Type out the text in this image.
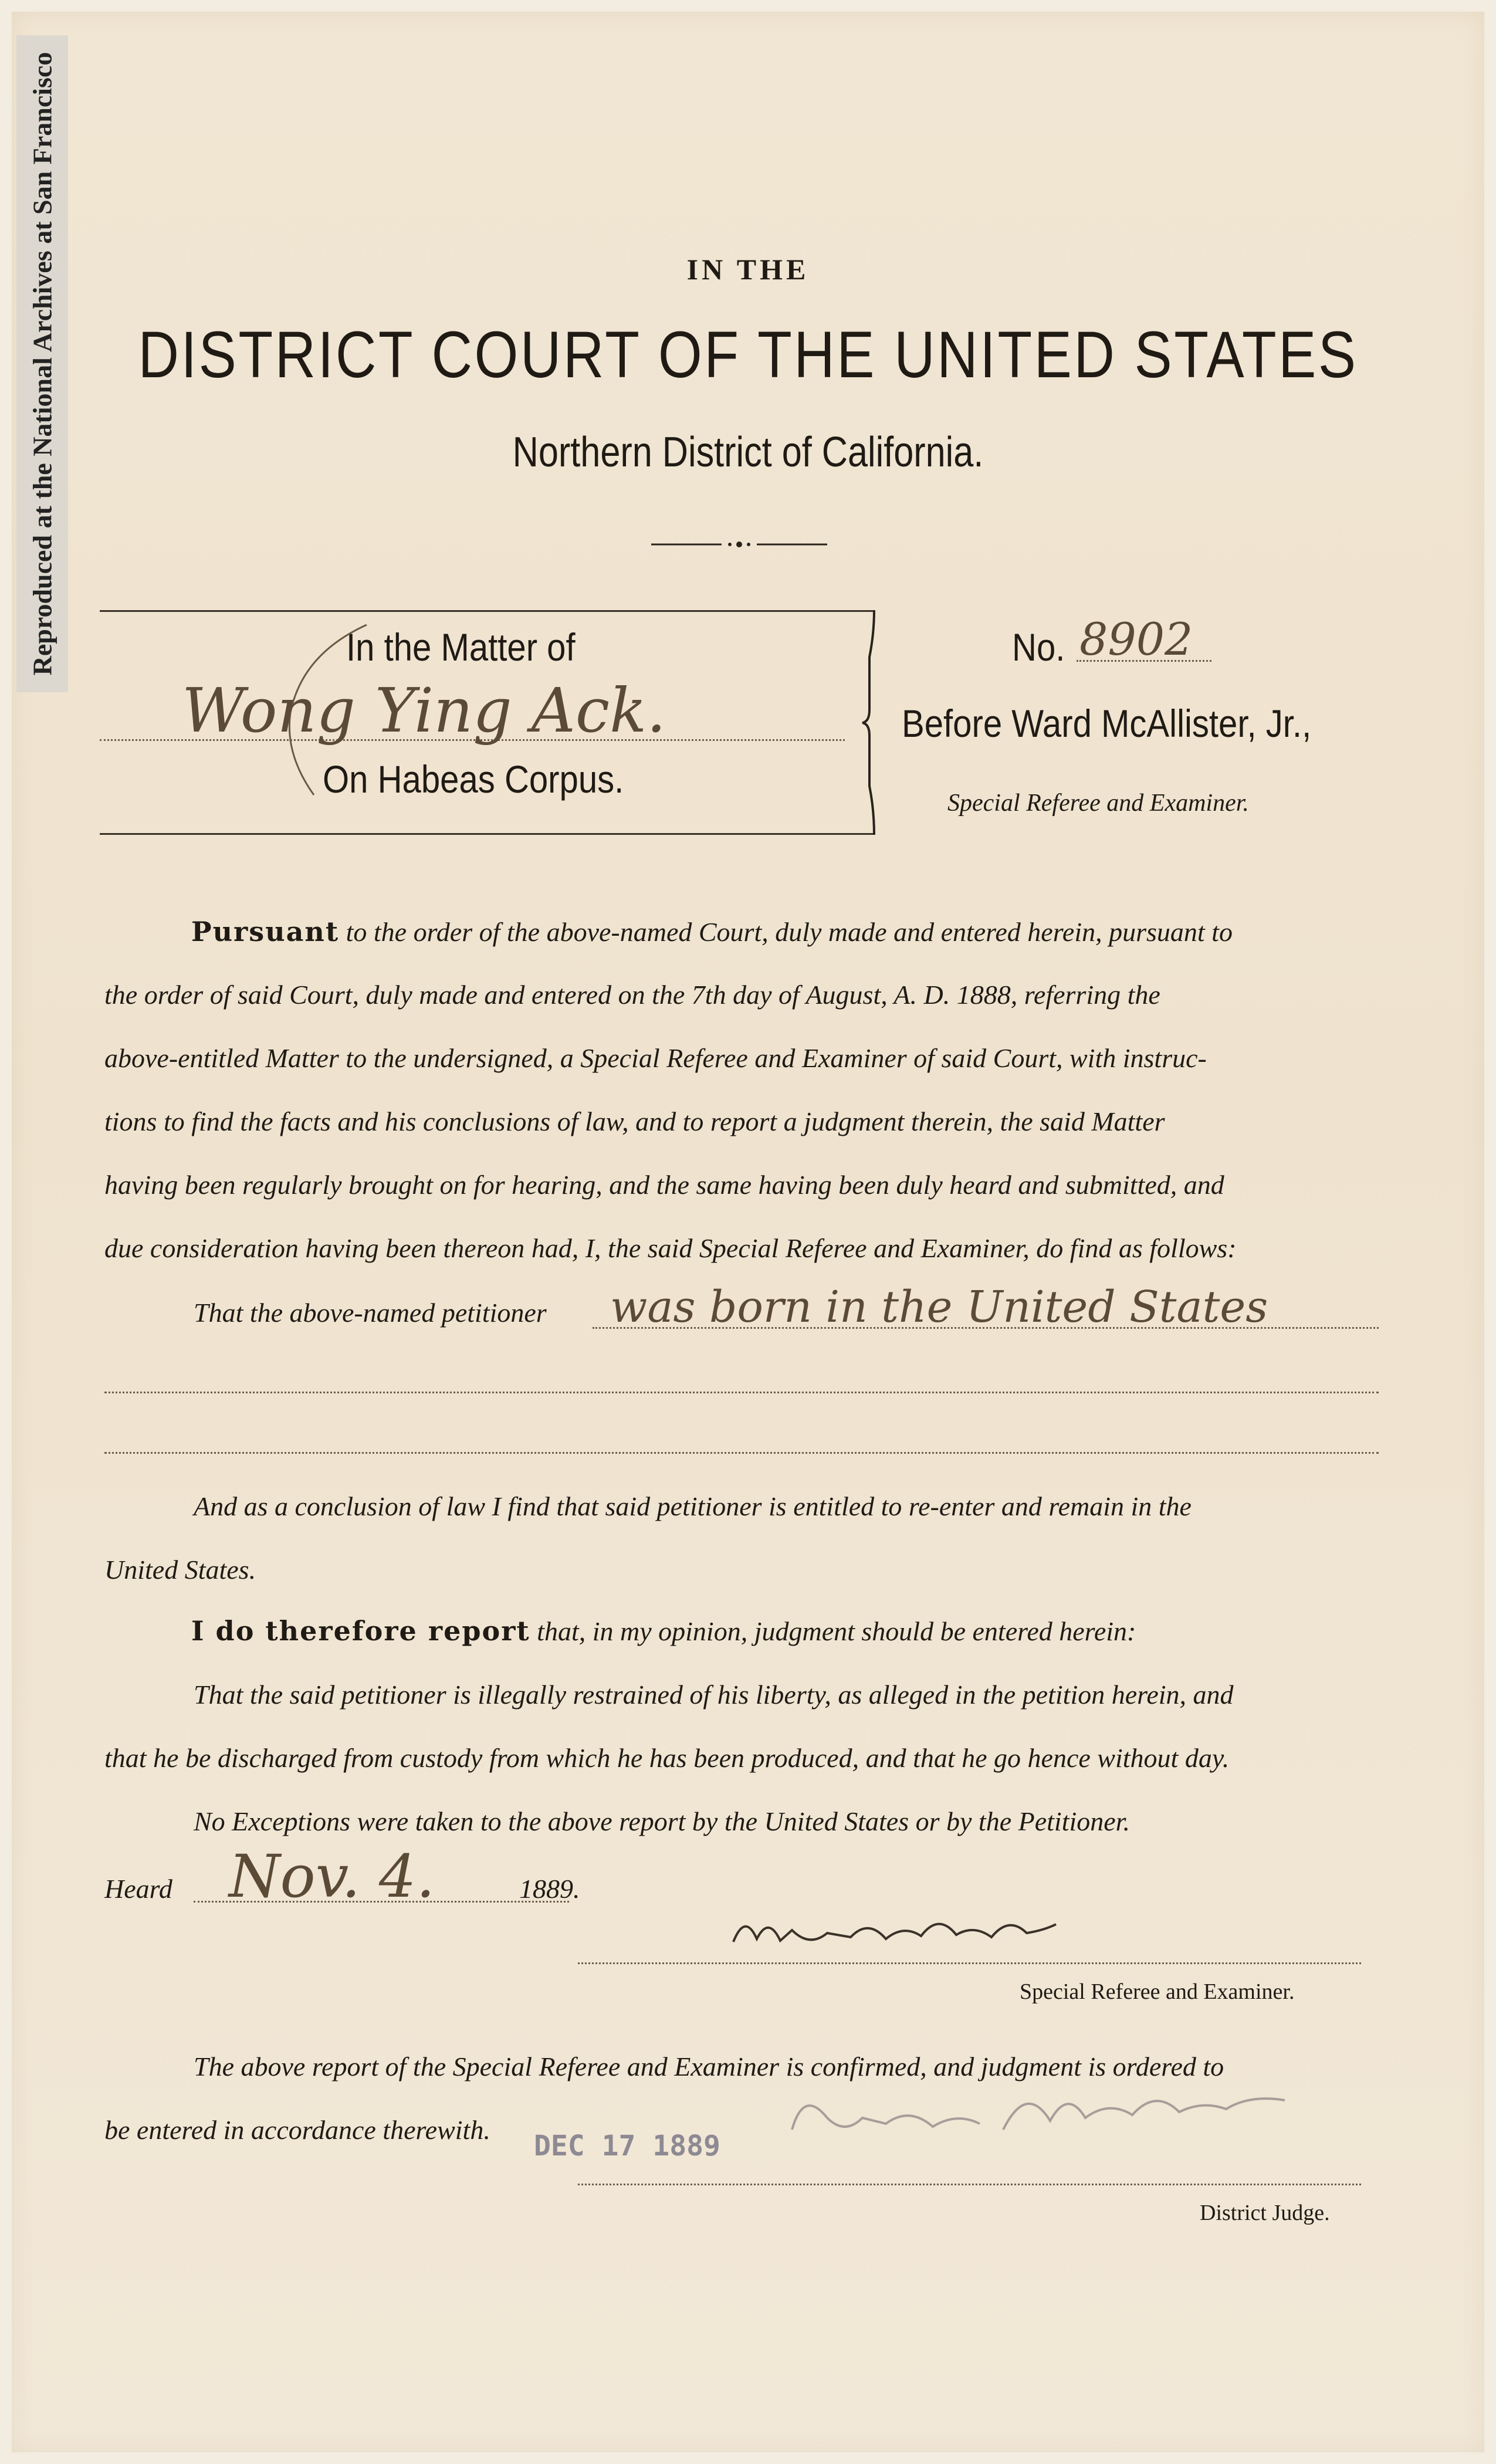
Reproduced at the National Archives at San Francisco	IN THE
DISTRICT COURT OF THE UNITED STATES
Northern District of California.
In the Matter of
Wong Ying Ack.
On Habeas Corpus.
No. 8902
Before Ward McAllister, Jr.,
Special Referee and Examiner.
Pursuant to the order of the above-named Court, duly made and entered herein, pursuant to
the order of said Court, duly made and entered on the 7th day of August, A. D. 1888, referring the
above-entitled Matter to the undersigned, a Special Referee and Examiner of said Court, with instruc-
tions to find the facts and his conclusions of law, and to report a judgment therein, the said Matter
having been regularly brought on for hearing, and the same having been duly heard and submitted, and
due consideration having been thereon had, I, the said Special Referee and Examiner, do find as follows:
That the above-named petitioner was born in the United States
And as a conclusion of law I find that said petitioner is entitled to re-enter and remain in the
United States.
I do therefore report that, in my opinion, judgment should be entered herein:
That the said petitioner is illegally restrained of his liberty, as alleged in the petition herein, and
that he be discharged from custody from which he has been produced, and that he go hence without day.
No Exceptions were taken to the above report by the United States or by the Petitioner.
Heard Nov. 4.	1889.
Special Referee and Examiner.
The above report of the Special Referee and Examiner is confirmed, and judgment is ordered to
be entered in accordance therewith. DEC 17 1889
District Judge.
